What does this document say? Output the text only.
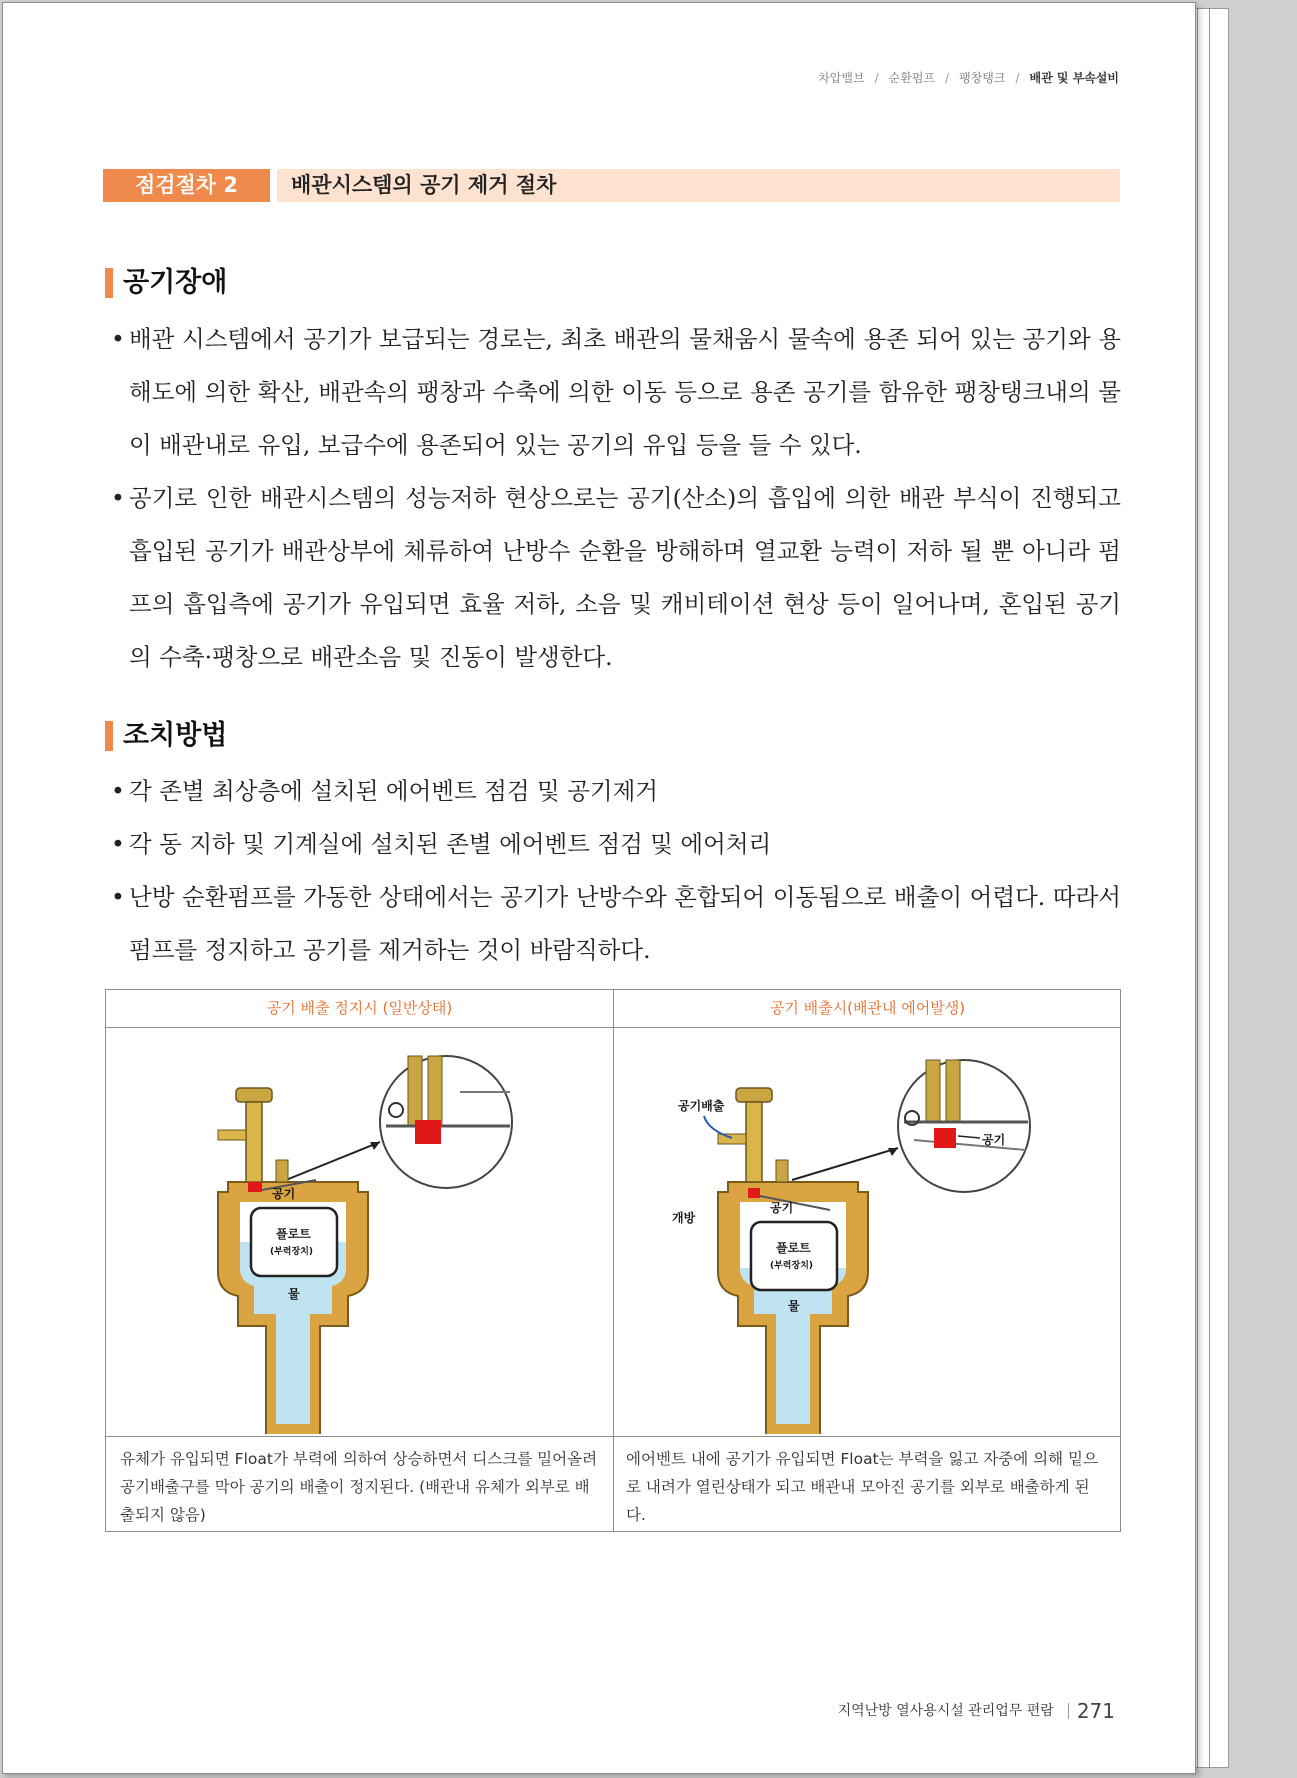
차압밸브 / 순환펌프 / 팽창탱크 / 배관 및 부속설비
점검절차 2	배관시스템의 공기 제거 절차
공기장애
• 배관 시스템에서 공기가 보급되는 경로는, 최초 배관의 물채움시 물속에 용존 되어 있는 공기와 용해도에 의한 확산, 배관속의 팽창과 수축에 의한 이동 등으로 용존 공기를 함유한 팽창탱크내의 물이 배관내로 유입, 보급수에 용존되어 있는 공기의 유입 등을 들 수 있다.
• 공기로 인한 배관시스템의 성능저하 현상으로는 공기(산소)의 흡입에 의한 배관 부식이 진행되고 흡입된 공기가 배관상부에 체류하여 난방수 순환을 방해하며 열교환 능력이 저하 될 뿐 아니라 펌프의 흡입측에 공기가 유입되면 효율 저하, 소음 및 캐비테이션 현상 등이 일어나며, 혼입된 공기의 수축·팽창으로 배관소음 및 진동이 발생한다.
조치방법
• 각 존별 최상층에 설치된 에어벤트 점검 및 공기제거
• 각 동 지하 및 기계실에 설치된 존별 에어벤트 점검 및 에어처리
• 난방 순환펌프를 가동한 상태에서는 공기가 난방수와 혼합되어 이동됨으로 배출이 어렵다. 따라서 펌프를 정지하고 공기를 제거하는 것이 바람직하다.
공기 배출 정지시 (일반상태)	공기 배출시(배관내 에어발생)
공기
플로트
(부력장치)
물
공기
공기배출
개방
공기
플로트
(부력장치)
물
유체가 유입되면 Float가 부력에 의하여 상승하면서 디스크를 밀어올려 공기배출구를 막아 공기의 배출이 정지된다. (배관내 유체가 외부로 배출되지 않음)
에어벤트 내에 공기가 유입되면 Float는 부력을 잃고 자중에 의해 밑으로 내려가 열린상태가 되고 배관내 모아진 공기를 외부로 배출하게 된다.
지역난방 열사용시설 관리업무 편람 271
